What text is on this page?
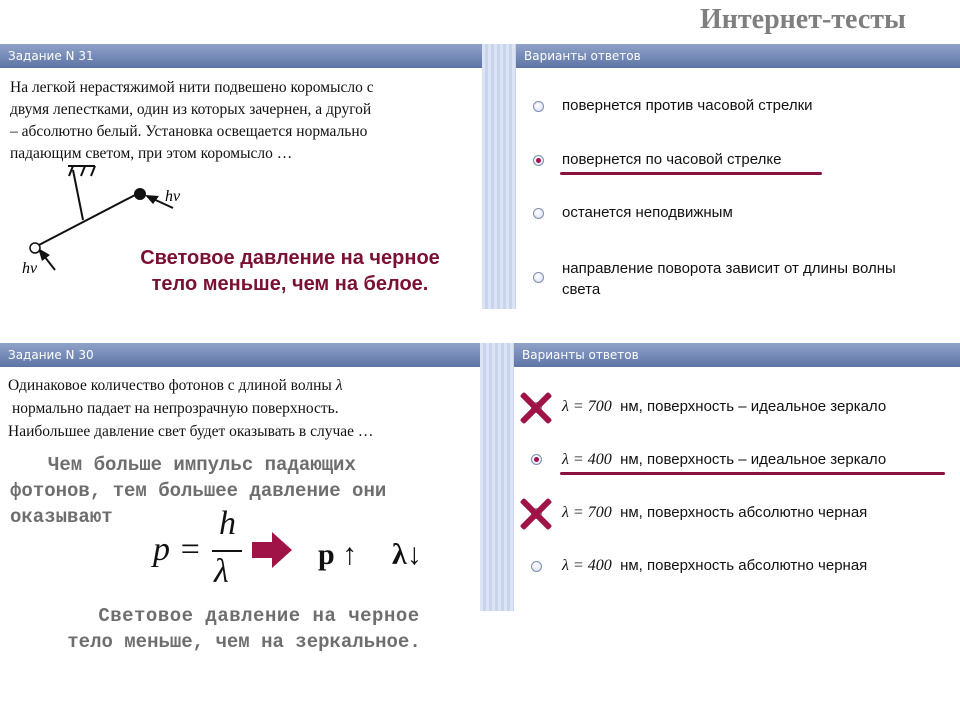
Интернет-тесты
Задание N 31	Варианты ответов
На легкой нерастяжимой нити подвешено коромысло с
двумя лепестками, один из которых зачернен, а другой
– абсолютно белый. Установка освещается нормально
падающим светом, при этом коромысло …
hν
hν	Световое давление на черное
тело меньше, чем на белое.
повернется против часовой стрелки
повернется по часовой стрелке
останется неподвижным
направление поворота зависит от длины волны
света
Задание N 30	Варианты ответов
Одинаковое количество фотонов с длиной волны λ
нормально падает на непрозрачную поверхность.
Наибольшее давление свет будет оказывать в случае …
Чем больше импульс падающих
фотонов, тем большее давление они
оказывают
p =
h
λ	p ↑ λ↓
Световое давление на черное
тело меньше, чем на зеркальное.
λ = 700 нм, поверхность – идеальное зеркало
λ = 400 нм, поверхность – идеальное зеркало
λ = 700 нм, поверхность абсолютно черная
λ = 400 нм, поверхность абсолютно черная
